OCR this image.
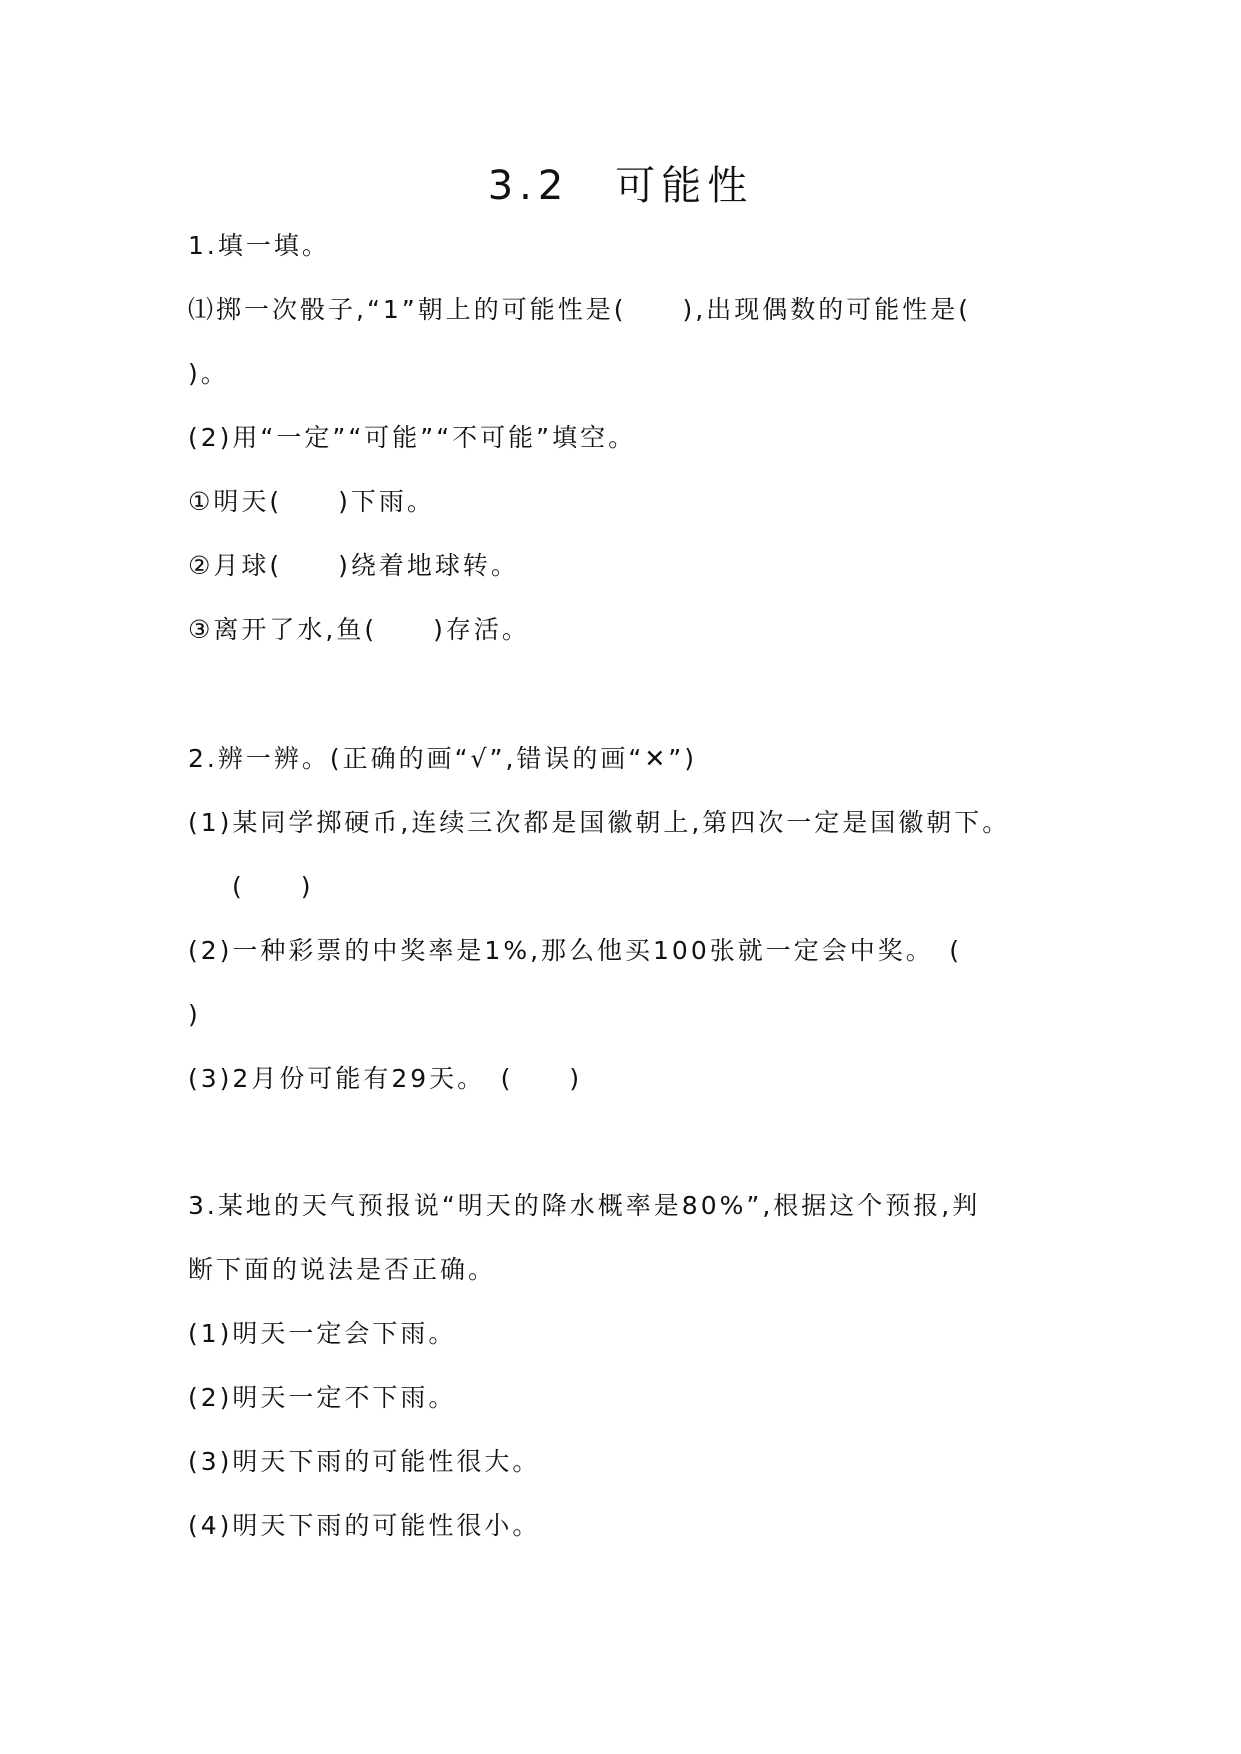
3.2　可能性
1.填一填。
⑴掷一次骰子,“1”朝上的可能性是(　　),出现偶数的可能性是(
)。
(2)用“一定”“可能”“不可能”填空。
①明天(　　)下雨。
②月球(　　)绕着地球转。
③离开了水,鱼(　　)存活。
2.辨一辨。(正确的画“√”,错误的画“✕”)
(1)某同学掷硬币,连续三次都是国徽朝上,第四次一定是国徽朝下。
(　　)
(2)一种彩票的中奖率是1%,那么他买100张就一定会中奖。　(
)
(3)2月份可能有29天。　(　　)
3.某地的天气预报说“明天的降水概率是80%”,根据这个预报,判
断下面的说法是否正确。
(1)明天一定会下雨。
(2)明天一定不下雨。
(3)明天下雨的可能性很大。
(4)明天下雨的可能性很小。
